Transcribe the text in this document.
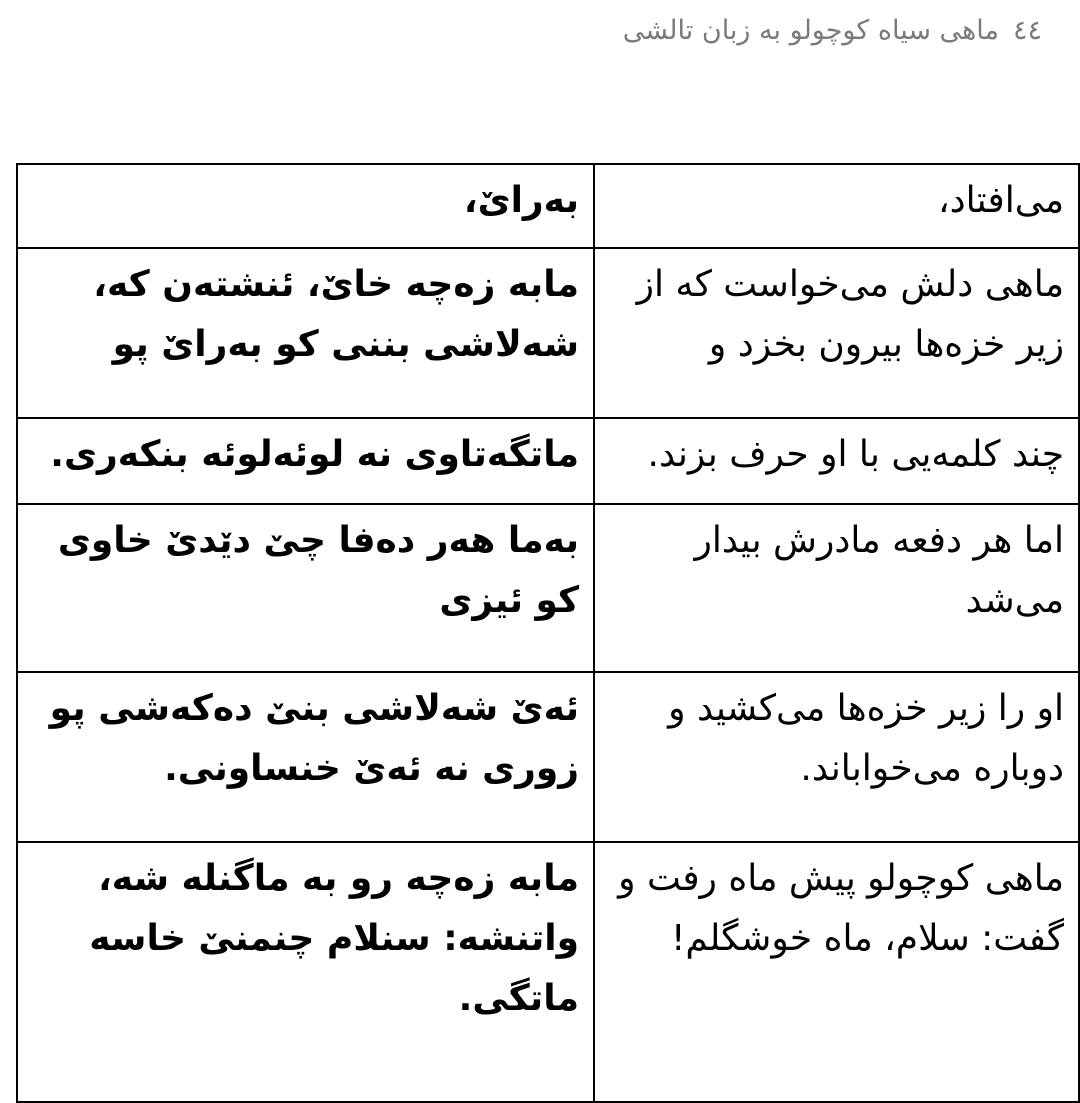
٤٤ماهی سیاه کوچولو به زبان تالشی
بەراێ،	می‌افتاد،
مابە زەچە خاێ، ئنشتەن کە، شەلاشی بننی کو بەراێ پو	ماهی دلش می‌خواست که از زیر خزه‌ها بیرون بخزد و
ماتگەتاوی نە لوئەلوئە بنکەری.	چند کلمه‌یی با او حرف بزند.
بەما هەر دەفا چێ دێدێ خاوی کو ئیزی	اما هر دفعه مادرش بیدار می‌شد
ئەێ شەلاشی بنێ دەکەشی پو زوری نە ئەێ خنساونی.	او را زیر خزه‌ها می‌کشید و دوباره می‌خواباند.
مابە زەچە رو بە ماگنلە شە، واتنشە: سنلام چنمنێ خاسە ماتگی.	ماهی کوچولو پیش ماه رفت و گفت: سلام، ماه خوشگلم!
